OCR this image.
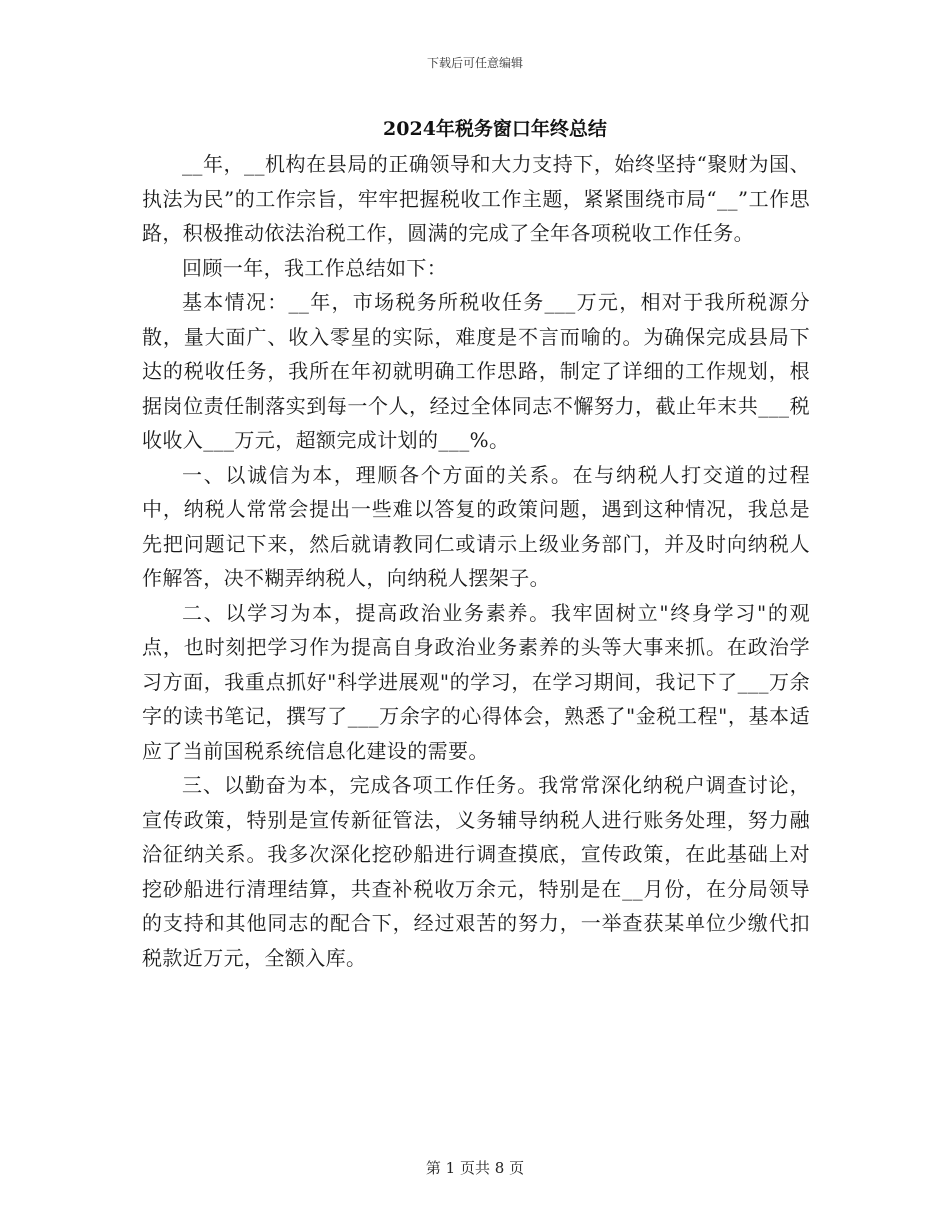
下载后可任意编辑
2024年税务窗口年终总结

__年，__机构在县局的正确领导和大力支持下，始终坚持“聚财为国、执法为民”的工作宗旨，牢牢把握税收工作主题，紧紧围绕市局“__”工作思路，积极推动依法治税工作，圆满的完成了全年各项税收工作任务。

回顾一年，我工作总结如下：

基本情况：__年，市场税务所税收任务___万元，相对于我所税源分散，量大面广、收入零星的实际，难度是不言而喻的。为确保完成县局下达的税收任务，我所在年初就明确工作思路，制定了详细的工作规划，根据岗位责任制落实到每一个人，经过全体同志不懈努力，截止年末共___税收收入___万元，超额完成计划的___%。

一、以诚信为本，理顺各个方面的关系。在与纳税人打交道的过程中，纳税人常常会提出一些难以答复的政策问题，遇到这种情况，我总是先把问题记下来，然后就请教同仁或请示上级业务部门，并及时向纳税人作解答，决不糊弄纳税人，向纳税人摆架子。

二、以学习为本，提高政治业务素养。我牢固树立"终身学习"的观点，也时刻把学习作为提高自身政治业务素养的头等大事来抓。在政治学习方面，我重点抓好"科学进展观"的学习，在学习期间，我记下了___万余字的读书笔记，撰写了___万余字的心得体会，熟悉了"金税工程"，基本适应了当前国税系统信息化建设的需要。

三、以勤奋为本，完成各项工作任务。我常常深化纳税户调查讨论，宣传政策，特别是宣传新征管法，义务辅导纳税人进行账务处理，努力融洽征纳关系。我多次深化挖砂船进行调查摸底，宣传政策，在此基础上对挖砂船进行清理结算，共查补税收万余元，特别是在__月份，在分局领导的支持和其他同志的配合下，经过艰苦的努力，一举查获某单位少缴代扣税款近万元，全额入库。

第 1 页共 8 页
